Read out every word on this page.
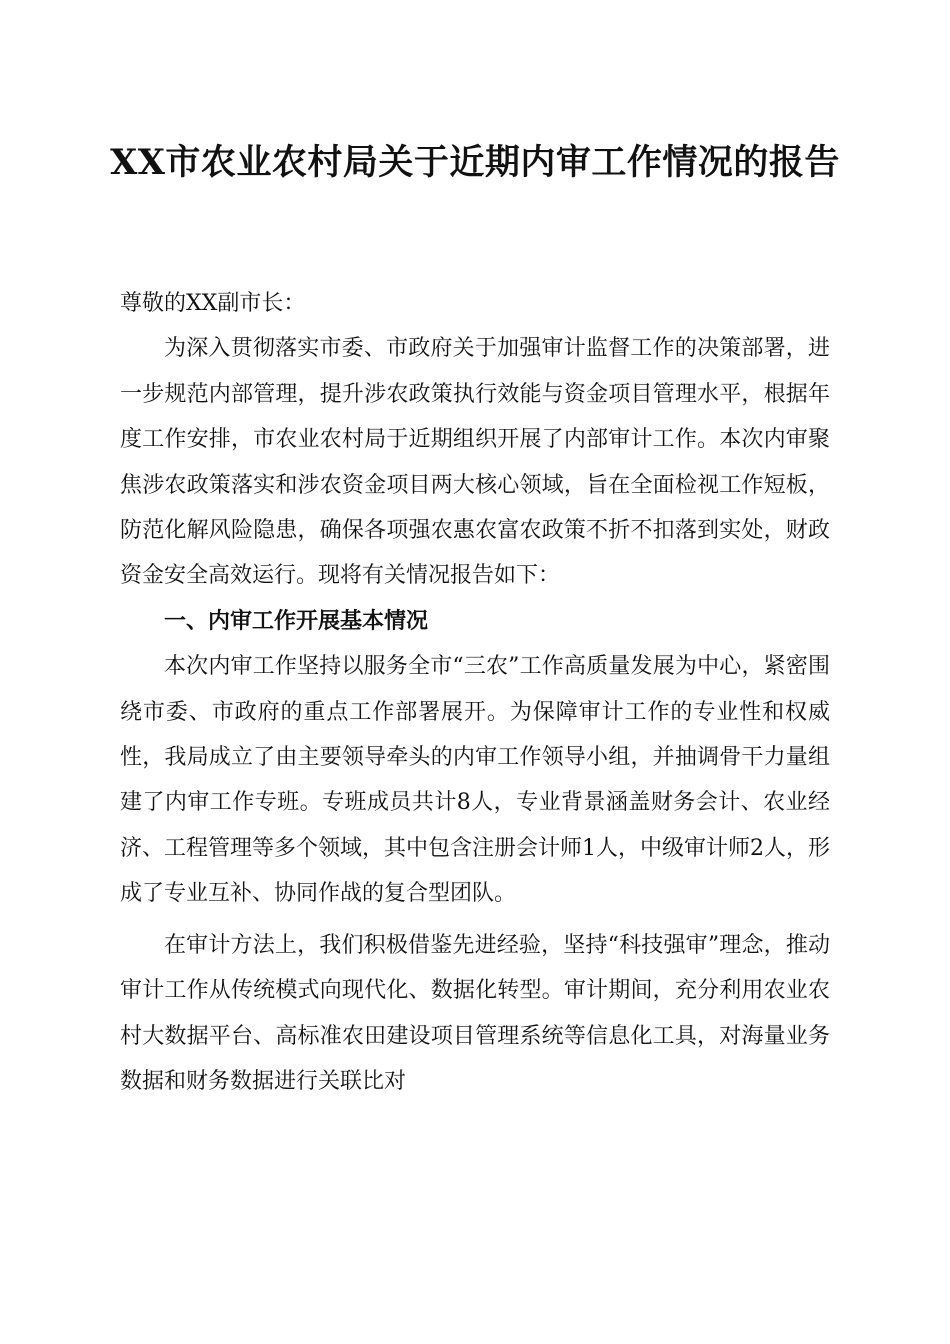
XX市农业农村局关于近期内审工作情况的报告

尊敬的XX副市长：

为深入贯彻落实市委、市政府关于加强审计监督工作的决策部署，进一步规范内部管理，提升涉农政策执行效能与资金项目管理水平，根据年度工作安排，市农业农村局于近期组织开展了内部审计工作。本次内审聚焦涉农政策落实和涉农资金项目两大核心领域，旨在全面检视工作短板，防范化解风险隐患，确保各项强农惠农富农政策不折不扣落到实处，财政资金安全高效运行。现将有关情况报告如下：

一、内审工作开展基本情况

本次内审工作坚持以服务全市“三农”工作高质量发展为中心，紧密围绕市委、市政府的重点工作部署展开。为保障审计工作的专业性和权威性，我局成立了由主要领导牵头的内审工作领导小组，并抽调骨干力量组建了内审工作专班。专班成员共计8人，专业背景涵盖财务会计、农业经济、工程管理等多个领域，其中包含注册会计师1人，中级审计师2人，形成了专业互补、协同作战的复合型团队。

在审计方法上，我们积极借鉴先进经验，坚持“科技强审”理念，推动审计工作从传统模式向现代化、数据化转型。审计期间，充分利用农业农村大数据平台、高标准农田建设项目管理系统等信息化工具，对海量业务数据和财务数据进行关联比对
